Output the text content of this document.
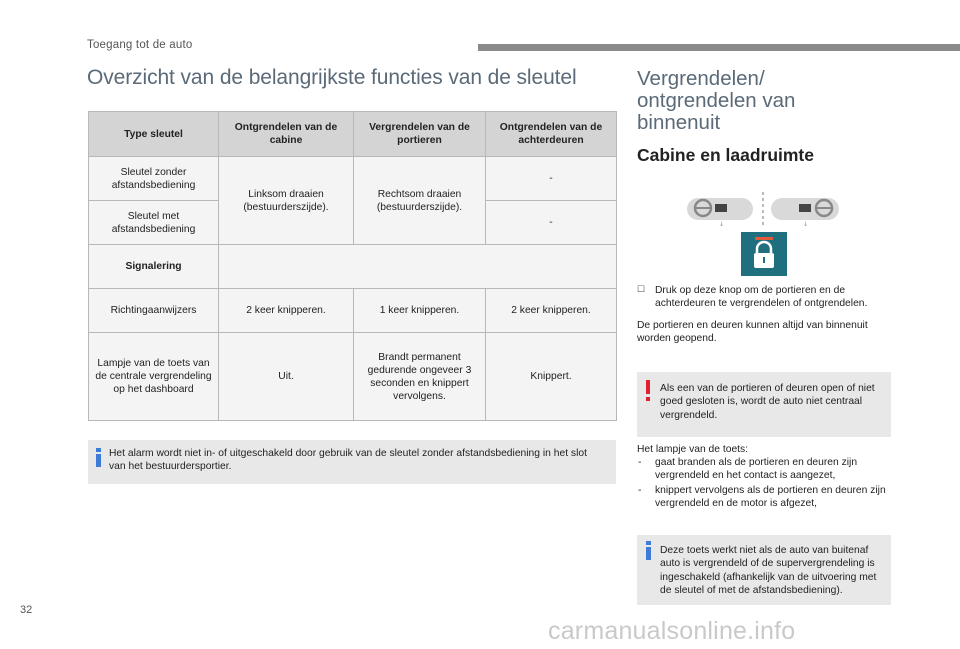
Toegang tot de auto
Overzicht van de belangrijkste functies van de sleutel
Type sleutel	Ontgrendelen van de cabine	Vergrendelen van de portieren	Ontgrendelen van de achterdeuren
Sleutel zonder afstandsbediening	Linksom draaien (bestuurderszijde).	Rechtsom draaien (bestuurderszijde).	-
Sleutel met afstandsbediening			-
Signalering			
Richtingaanwijzers	2 keer knipperen.	1 keer knipperen.	2 keer knipperen.
Lampje van de toets van de centrale vergrendeling op het dashboard	Uit.	Brandt permanent gedurende ongeveer 3 seconden en knippert vervolgens.	Knippert.
Het alarm wordt niet in- of uitgeschakeld door gebruik van de sleutel zonder afstandsbediening in het slot van het bestuurdersportier.
Vergrendelen/ ontgrendelen van binnenuit
Cabine en laadruimte
↓	↓
☐ Druk op deze knop om de portieren en de achterdeuren te vergrendelen of ontgrendelen.
De portieren en deuren kunnen altijd van binnenuit worden geopend.
Als een van de portieren of deuren open of niet goed gesloten is, wordt de auto niet centraal vergrendeld.
Het lampje van de toets:
- gaat branden als de portieren en deuren zijn vergrendeld en het contact is aangezet,
- knippert vervolgens als de portieren en deuren zijn vergrendeld en de motor is afgezet,
Deze toets werkt niet als de auto van buitenaf auto is vergrendeld of de supervergrendeling is ingeschakeld (afhankelijk van de uitvoering met de sleutel of met de afstandsbediening).
32
carmanualsonline.info
